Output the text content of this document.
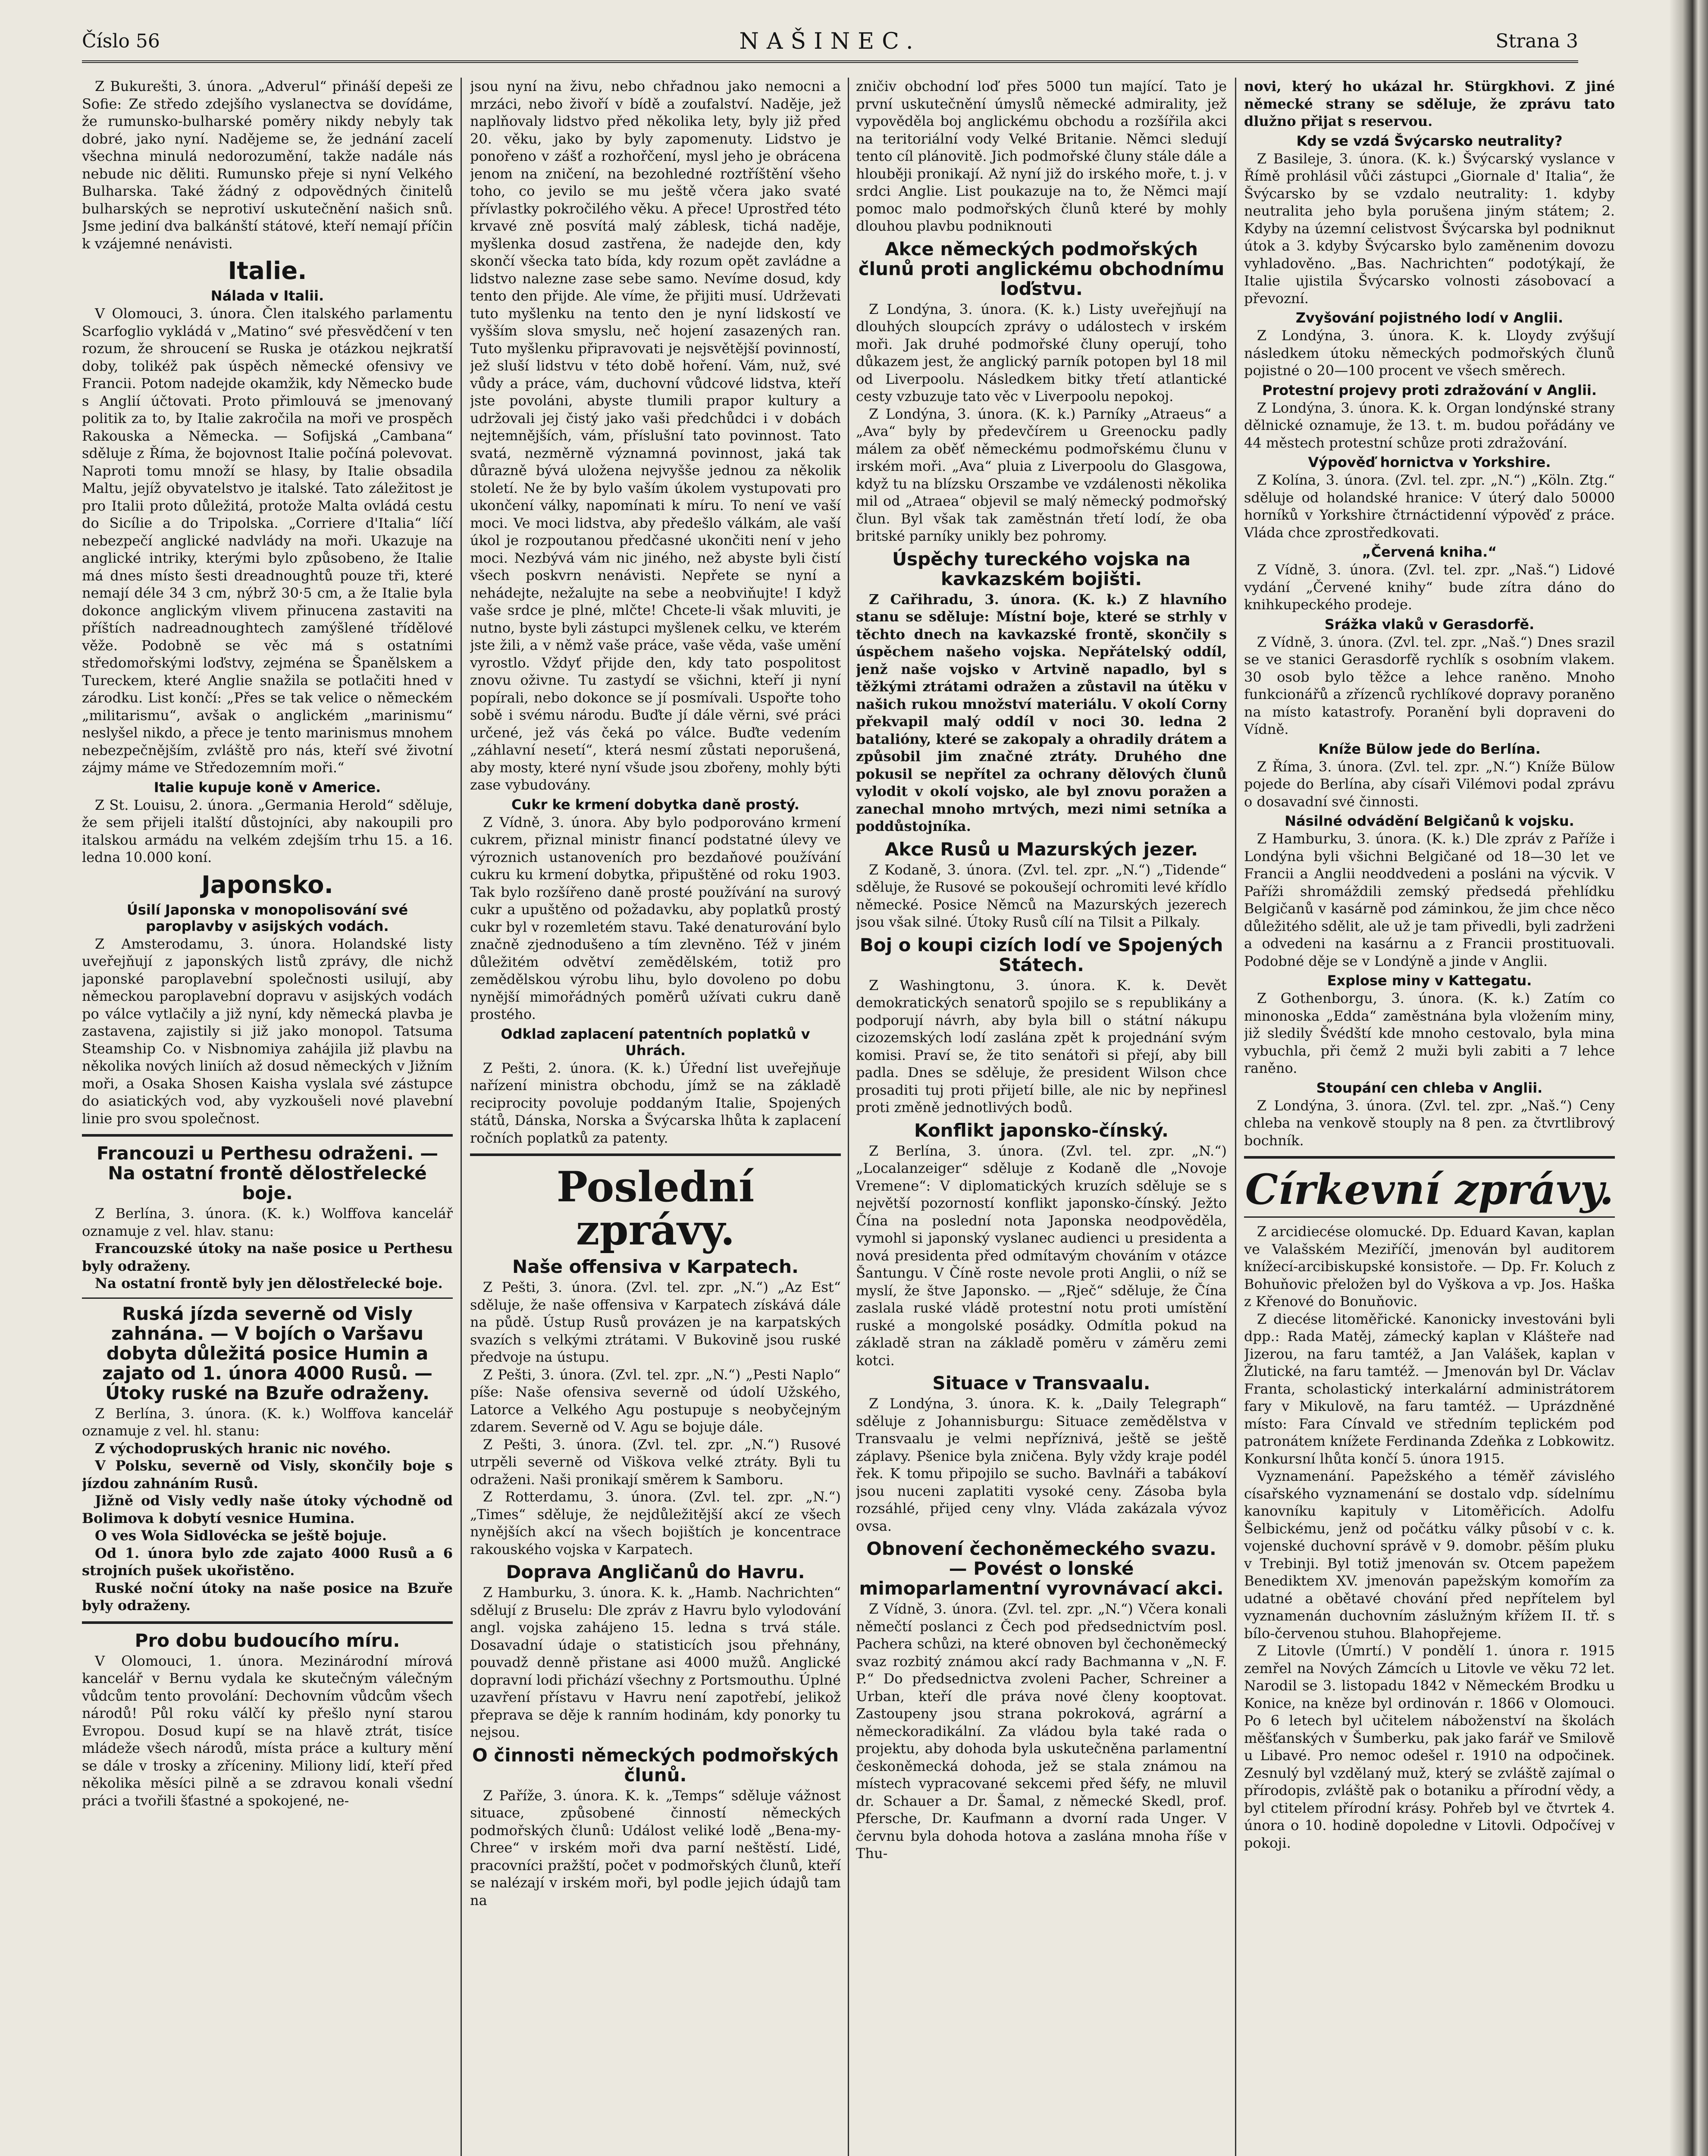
Číslo 56	NAŠINEC.	Strana 3

Z Bukurešti, 3. února. „Adverul“ přináší depeši ze Sofie: Ze středo zdejšího vyslanectva se dovídáme, že rumunsko-bulharské poměry nikdy nebyly tak dobré, jako nyní. Nadějeme se, že jednání zacelí všechna minulá nedorozumění, takže nadále nás nebude nic děliti. Rumunsko přeje si nyní Velkého Bulharska. Také žádný z odpovědných činitelů bulharských se neprotiví uskutečnění našich snů. Jsme jediní dva balkánští státové, kteří nemají příčin k vzájemné nenávisti.

Italie.
Nálada v Italii.

V Olomouci, 3. února. Člen italského parlamentu Scarfoglio vykládá v „Matino“ své přesvědčení v ten rozum, že shroucení se Ruska je otázkou nejkratší doby, tolikéž pak úspěch německé ofensivy ve Francii. Potom nadejde okamžik, kdy Německo bude s Anglií účtovati. Proto přimlouvá se jmenovaný politik za to, by Italie zakročila na moři ve prospěch Rakouska a Německa. — Sofijská „Cambana“ sděluje z Říma, že bojovnost Italie počíná polevovat. Naproti tomu množí se hlasy, by Italie obsadila Maltu, jejíž obyvatelstvo je italské. Tato záležitost je pro Italii proto důležitá, protože Malta ovládá cestu do Sicílie a do Tripolska. „Corriere d'Italia“ líčí nebezpečí anglické nadvlády na moři. Ukazuje na anglické intriky, kterými bylo způsobeno, že Italie má dnes místo šesti dreadnoughtů pouze tři, které nemají déle 34 3 cm, nýbrž 30·5 cm, a že Italie byla dokonce anglickým vlivem přinucena zastaviti na příštích nadreadnoughtech zamýšlené třídělové věže. Podobně se věc má s ostatními středomořskými loďstvy, zejména se Španělskem a Tureckem, které Anglie snažila se potlačiti hned v zárodku. List končí: „Přes se tak velice o německém „militarismu“, avšak o anglickém „marinismu“ neslyšel nikdo, a přece je tento marinismus mnohem nebezpečnějším, zvláště pro nás, kteří své životní zájmy máme ve Středozemním moři.“

Italie kupuje koně v Americe.

Z St. Louisu, 2. února. „Germania Herold“ sděluje, že sem přijeli italští důstojníci, aby nakoupili pro italskou armádu na velkém zdejším trhu 15. a 16. ledna 10.000 koní.

Japonsko.
Úsilí Japonska v monopolisování své paroplavby v asijských vodách.

Z Amsterodamu, 3. února. Holandské listy uveřejňují z japonských listů zprávy, dle nichž japonské paroplavební společnosti usilují, aby německou paroplavební dopravu v asijských vodách po válce vytlačily a již nyní, kdy německá plavba je zastavena, zajistily si již jako monopol. Tatsuma Steamship Co. v Nisbnomiya zahájila již plavbu na několika nových liniích až dosud německých v Jižním moři, a Osaka Shosen Kaisha vyslala své zástupce do asiatických vod, aby vyzkoušeli nové plavební linie pro svou společnost.

Francouzi u Perthesu odraženi. — Na ostatní frontě dělostřelecké boje.

Z Berlína, 3. února. (K. k.) Wolffova kancelář oznamuje z vel. hlav. stanu:

Francouzské útoky na naše posice u Perthesu byly odraženy.

Na ostatní frontě byly jen dělostřelecké boje.

Ruská jízda severně od Visly zahnána. — V bojích o Varšavu dobyta důležitá posice Humin a zajato od 1. února 4000 Rusů. — Útoky ruské na Bzuře odraženy.

Z Berlína, 3. února. (K. k.) Wolffova kancelář oznamuje z vel. hl. stanu:

Z východopruských hranic nic nového.

V Polsku, severně od Visly, skončily boje s jízdou zahnáním Rusů.

Jižně od Visly vedly naše útoky východně od Bolimova k dobytí vesnice Humina.

O ves Wola Sidlovécka se ještě bojuje.

Od 1. února bylo zde zajato 4000 Rusů a 6 strojních pušek ukořistěno.

Ruské noční útoky na naše posice na Bzuře byly odraženy.

Pro dobu budoucího míru.

V Olomouci, 1. února. Mezinárodní mírová kancelář v Bernu vydala ke skutečným válečným vůdcům tento provolání: Dechovním vůdcům všech národů! Půl roku válčí ky přešlo nyní starou Evropou. Dosud kupí se na hlavě ztrát, tisíce mládeže všech národů, místa práce a kultury mění se dále v trosky a zříceniny. Miliony lidí, kteří před několika měsíci pilně a se zdravou konali všední práci a tvořili šťastné a spokojené, ne-

jsou nyní na živu, nebo chřadnou jako nemocni a mrzáci, nebo živoří v bídě a zoufalství. Naděje, jež naplňovaly lidstvo před několika lety, byly již před 20. věku, jako by byly zapomenuty. Lidstvo je ponořeno v zášť a rozhořčení, mysl jeho je obrácena jenom na zničení, na bezohledné roztříštění všeho toho, co jevilo se mu ještě včera jako svaté přívlastky pokročilého věku. A přece! Uprostřed této krvavé zně posvítá malý záblesk, tichá naděje, myšlenka dosud zastřena, že nadejde den, kdy skončí všecka tato bída, kdy rozum opět zavládne a lidstvo nalezne zase sebe samo. Nevíme dosud, kdy tento den přijde. Ale víme, že přijiti musí. Udrževati tuto myšlenku na tento den je nyní lidskostí ve vyšším slova smyslu, neč hojení zasazených ran. Tuto myšlenku připravovati je nejsvětější povinností, jež sluší lidstvu v této době hoření. Vám, nuž, své vůdy a práce, vám, duchovní vůdcové lidstva, kteří jste povoláni, abyste tlumili prapor kultury a udržovali jej čistý jako vaši předchůdci i v dobách nejtemnějších, vám, příslušní tato povinnost. Tato svatá, nezměrně významná povinnost, jaká tak důrazně bývá uložena nejvyšše jednou za několik století. Ne že by bylo vaším úkolem vystupovati pro ukončení války, napomínati k míru. To není ve vaší moci. Ve moci lidstva, aby předešlo válkám, ale vaší úkol je rozpoutanou předčasné ukončiti není v jeho moci. Nezbývá vám nic jiného, než abyste byli čistí všech poskvrn nenávisti. Nepřete se nyní a nehádejte, nežalujte na sebe a neobviňujte! I když vaše srdce je plné, mlčte! Chcete-li však mluviti, je nutno, byste byli zástupci myšlenek celku, ve kterém jste žili, a v němž vaše práce, vaše věda, vaše umění vyrostlo. Vždyť přijde den, kdy tato pospolitost znovu oživne. Tu zastydí se všichni, kteří ji nyní popírali, nebo dokonce se jí posmívali. Uspořte toho sobě i svému národu. Buďte jí dále věrni, své práci určené, jež vás čeká po válce. Buďte vedením „záhlavní nesetí“, která nesmí zůstati neporušená, aby mosty, které nyní všude jsou zbořeny, mohly býti zase vybudovány.

Cukr ke krmení dobytka daně prostý.

Z Vídně, 3. února. Aby bylo podporováno krmení cukrem, přiznal ministr financí podstatné úlevy ve výroznich ustanoveních pro bezdaňové používání cukru ku krmení dobytka, připuštěné od roku 1903. Tak bylo rozšířeno daně prosté používání na surový cukr a upuštěno od požadavku, aby poplatků prostý cukr byl v rozemletém stavu. Také denaturování bylo značně zjednodušeno a tím zlevněno. Též v jiném důležitém odvětví zemědělském, totiž pro zemědělskou výrobu lihu, bylo dovoleno po dobu nynější mimořádných poměrů užívati cukru daně prostého.

Odklad zaplacení patentních poplatků v Uhrách.

Z Pešti, 2. února. (K. k.) Úřední list uveřejňuje nařízení ministra obchodu, jímž se na základě reciprocity povoluje poddaným Italie, Spojených států, Dánska, Norska a Švýcarska lhůta k zaplacení ročních poplatků za patenty.

Poslední zprávy.
Naše offensiva v Karpatech.

Z Pešti, 3. února. (Zvl. tel. zpr. „N.“) „Az Est“ sděluje, že naše offensiva v Karpatech získává dále na půdě. Ústup Rusů provázen je na karpatských svazích s velkými ztrátami. V Bukovině jsou ruské předvoje na ústupu.

Z Pešti, 3. února. (Zvl. tel. zpr. „N.“) „Pesti Naplo“ píše: Naše ofensiva severně od údolí Užského, Latorce a Velkého Agu postupuje s neobyčejným zdarem. Severně od V. Agu se bojuje dále.

Z Pešti, 3. února. (Zvl. tel. zpr. „N.“) Rusové utrpěli severně od Viškova velké ztráty. Byli tu odraženi. Naši pronikají směrem k Samboru.

Z Rotterdamu, 3. února. (Zvl. tel. zpr. „N.“) „Times“ sděluje, že nejdůležitější akcí ze všech nynějších akcí na všech bojištích je koncentrace rakouského vojska v Karpatech.

Doprava Angličanů do Havru.

Z Hamburku, 3. února. K. k. „Hamb. Nachrichten“ sdělují z Bruselu: Dle zpráv z Havru bylo vylodování angl. vojska zahájeno 15. ledna s trvá stále. Dosavadní údaje o statisticích jsou přehnány, pouvadž denně přistane asi 4000 mužů. Anglické dopravní lodi přichází všechny z Portsmouthu. Úplné uzavření přístavu v Havru není zapotřebí, jelikož přeprava se děje k ranním hodinám, kdy ponorky tu nejsou.

O činnosti německých podmořských člunů.

Z Paříže, 3. února. K. k. „Temps“ sděluje vážnost situace, způsobené činností německých podmořských člunů: Událost veliké lodě „Bena-my-Chree“ v irském moři dva parní neštěstí. Lidé, pracovníci pražští, počet v podmořských člunů, kteří se nalézají v irském moři, byl podle jejich údajů tam na

zničiv obchodní loď přes 5000 tun mající. Tato je první uskutečnění úmyslů německé admirality, jež vypověděla boj anglickému obchodu a rozšířila akci na teritoriální vody Velké Britanie. Němci sledují tento cíl plánovitě. Jich podmořské čluny stále dále a hlouběji pronikají. Až nyní již do irského moře, t. j. v srdci Anglie. List poukazuje na to, že Němci mají pomoc malo podmořských člunů které by mohly dlouhou plavbu podniknouti

Akce německých podmořských člunů proti anglickému obchodnímu loďstvu.

Z Londýna, 3. února. (K. k.) Listy uveřejňují na dlouhých sloupcích zprávy o událostech v irském moři. Jak druhé podmořské čluny operují, toho důkazem jest, že anglický parník potopen byl 18 mil od Liverpoolu. Následkem bitky třetí atlantické cesty vzbuzuje tato věc v Liverpoolu nepokoj.

Z Londýna, 3. února. (K. k.) Parníky „Atraeus“ a „Ava“ byly by předevčírem u Greenocku padly málem za oběť německému podmořskému člunu v irském moři. „Ava“ pluia z Liverpoolu do Glasgowa, když tu na blízsku Orszambe ve vzdálenosti několika mil od „Atraea“ objevil se malý německý podmořský člun. Byl však tak zaměstnán třetí lodí, že oba britské parníky unikly bez pohromy.

Úspěchy tureckého vojska na kavkazském bojišti.

Z Cařihradu, 3. února. (K. k.) Z hlavního stanu se sděluje: Místní boje, které se strhly v těchto dnech na kavkazské frontě, skončily s úspěchem našeho vojska. Nepřátelský oddíl, jenž naše vojsko v Artvině napadlo, byl s těžkými ztrátami odražen a zůstavil na útěku v našich rukou množství materiálu. V okolí Corny překvapil malý oddíl v noci 30. ledna 2 batalióny, které se zakopaly a ohradily drátem a způsobil jim značné ztráty. Druhého dne pokusil se nepřítel za ochrany dělových člunů vylodit v okolí vojsko, ale byl znovu poražen a zanechal mnoho mrtvých, mezi nimi setníka a poddůstojníka.

Akce Rusů u Mazurských jezer.

Z Kodaně, 3. února. (Zvl. tel. zpr. „N.“) „Tidende“ sděluje, že Rusové se pokoušejí ochromiti levé křídlo německé. Posice Němců na Mazurských jezerech jsou však silné. Útoky Rusů cílí na Tilsit a Pilkaly.

Boj o koupi cizích lodí ve Spojených Státech.

Z Washingtonu, 3. února. K. k. Devět demokratických senatorů spojilo se s republikány a podporují návrh, aby byla bill o státní nákupu cizozemských lodí zaslána zpět k projednání svým komisi. Praví se, že tito senátoři si přejí, aby bill padla. Dnes se sděluje, že president Wilson chce prosaditi tuj proti přijetí bille, ale nic by nepřinesl proti změně jednotlivých bodů.

Konflikt japonsko-čínský.

Z Berlína, 3. února. (Zvl. tel. zpr. „N.“) „Localanzeiger“ sděluje z Kodaně dle „Novoje Vremene“: V diplomatických kruzích sděluje se s největší pozorností konflikt japonsko-čínský. Ježto Čína na poslední nota Japonska neodpověděla, vymohl si japonský vyslanec audienci u presidenta a nová presidenta před odmítavým chováním v otázce Šantungu. V Číně roste nevole proti Anglii, o níž se myslí, že štve Japonsko. — „Rječ“ sděluje, že Čína zaslala ruské vládě protestní notu proti umístění ruské a mongolské posádky. Odmítla pokud na základě stran na základě poměru v záměru zemi kotci.

Situace v Transvaalu.

Z Londýna, 3. února. K. k. „Daily Telegraph“ sděluje z Johannisburgu: Situace zemědělstva v Transvaalu je velmi nepříznivá, ještě se ještě záplavy. Pšenice byla zničena. Byly vždy kraje podél řek. K tomu připojilo se sucho. Bavlnáři a tabákoví jsou nuceni zaplatiti vysoké ceny. Zásoba byla rozsáhlé, přijed ceny vlny. Vláda zakázala vývoz ovsa.

Obnovení čechoněmeckého svazu. — Povést o lonské mimoparlamentní vyrovnávací akci.

Z Vídně, 3. února. (Zvl. tel. zpr. „N.“) Včera konali němečtí poslanci z Čech pod předsednictvím posl. Pachera schůzi, na které obnoven byl čechoněmecký svaz rozbitý známou akcí rady Bachmanna v „N. F. P.“ Do předsednictva zvoleni Pacher, Schreiner a Urban, kteří dle práva nové členy kooptovat. Zastoupeny jsou strana pokroková, agrární a německoradikální. Za vládou byla také rada o projektu, aby dohoda byla uskutečněna parlamentní českoněmecká dohoda, jež se stala známou na místech vypracované sekcemi před šéfy, ne mluvil dr. Schauer a Dr. Šamal, z německé Skedl, prof. Pfersche, Dr. Kaufmann a dvorní rada Unger. V červnu byla dohoda hotova a zaslána mnoha říše v Thu-

novi, který ho ukázal hr. Stürgkhovi. Z jiné německé strany se sděluje, že zprávu tato dlužno přijat s reservou.

Kdy se vzdá Švýcarsko neutrality?

Z Basileje, 3. února. (K. k.) Švýcarský vyslance v Římě prohlásil vůči zástupci „Giornale d' Italia“, že Švýcarsko by se vzdalo neutrality: 1. kdyby neutralita jeho byla porušena jiným státem; 2. Kdyby na územní celistvost Švýcarska byl podniknut útok a 3. kdyby Švýcarsko bylo zaměnenim dovozu vyhladověno. „Bas. Nachrichten“ podotýkají, že Italie ujistila Švýcarsko volnosti zásobovací a převozní.

Zvyšování pojistného lodí v Anglii.

Z Londýna, 3. února. K. k. Lloydy zvýšují následkem útoku německých podmořských člunů pojistné o 20—100 procent ve všech směrech.

Protestní projevy proti zdražování v Anglii.

Z Londýna, 3. února. K. k. Organ londýnské strany dělnické oznamuje, že 13. t. m. budou pořádány ve 44 městech protestní schůze proti zdražování.

Výpověď hornictva v Yorkshire.

Z Kolína, 3. února. (Zvl. tel. zpr. „N.“) „Köln. Ztg.“ sděluje od holandské hranice: V úterý dalo 50000 horníků v Yorkshire čtrnáctidenní výpověď z práce. Vláda chce zprostředkovati.

„Červená kniha.“

Z Vídně, 3. února. (Zvl. tel. zpr. „Naš.“) Lidové vydání „Červené knihy“ bude zítra dáno do knihkupeckého prodeje.

Srážka vlaků v Gerasdorfě.

Z Vídně, 3. února. (Zvl. tel. zpr. „Naš.“) Dnes srazil se ve stanici Gerasdorfě rychlík s osobním vlakem. 30 osob bylo těžce a lehce raněno. Mnoho funkcionářů a zřízenců rychlíkové dopravy poraněno na místo katastrofy. Poranění byli dopraveni do Vídně.

Kníže Bülow jede do Berlína.

Z Říma, 3. února. (Zvl. tel. zpr. „N.“) Kníže Bülow pojede do Berlína, aby císaři Vilémovi podal zprávu o dosavadní své činnosti.

Násilné odvádění Belgičanů k vojsku.

Z Hamburku, 3. února. (K. k.) Dle zpráv z Paříže i Londýna byli všichni Belgičané od 18—30 let ve Francii a Anglii neoddvedeni a posláni na výcvik. V Paříži shromáždili zemský předsedá přehlídku Belgičanů v kasárně pod záminkou, že jim chce něco důležitého sdělit, ale už je tam přivedli, byli zadrženi a odvedeni na kasárnu a z Francii prostituovali. Podobné děje se v Londýně a jinde v Anglii.

Explose miny v Kattegatu.

Z Gothenborgu, 3. února. (K. k.) Zatím co minonoska „Edda“ zaměstnána byla vložením miny, již sledily Švédští kde mnoho cestovalo, byla mina vybuchla, při čemž 2 muži byli zabiti a 7 lehce raněno.

Stoupání cen chleba v Anglii.

Z Londýna, 3. února. (Zvl. tel. zpr. „Naš.“) Ceny chleba na venkově stouply na 8 pen. za čtvrtlibrový bochník.

Církevní zprávy.

Z arcidiecése olomucké. Dp. Eduard Kavan, kaplan ve Valašském Meziříčí, jmenován byl auditorem knížecí-arcibiskupské konsistoře. — Dp. Fr. Koluch z Bohuňovic přeložen byl do Vyškova a vp. Jos. Haška z Křenové do Bonuňovic.

Z diecése litoměřické. Kanonicky investováni byli dpp.: Rada Matěj, zámecký kaplan v Klášteře nad Jizerou, na faru tamtéž, a Jan Valášek, kaplan v Žlutické, na faru tamtéž. — Jmenován byl Dr. Václav Franta, scholastický interkalární administrátorem fary v Mikulově, na faru tamtéž. — Uprázdněné místo: Fara Cínvald ve středním teplickém pod patronátem knížete Ferdinanda Zdeňka z Lobkowitz. Konkursní lhůta končí 5. února 1915.

Vyznamenání. Papežského a téměř závislého císařského vyznamenání se dostalo vdp. sídelnímu kanovníku kapituly v Litoměřicích. Adolfu Šelbickému, jenž od počátku války působí v c. k. vojenské duchovní správě v 9. domobr. pěším pluku v Trebinji. Byl totiž jmenován sv. Otcem papežem Benediktem XV. jmenován papežským komořím za udatné a obětavé chování před nepřítelem byl vyznamenán duchovním záslužným křížem II. tř. s bílo-červenou stuhou. Blahopřejeme.

Z Litovle (Úmrtí.) V pondělí 1. února r. 1915 zemřel na Nových Zámcích u Litovle ve věku 72 let. Narodil se 3. listopadu 1842 v Německém Brodku u Konice, na kněze byl ordinován r. 1866 v Olomouci. Po 6 letech byl učitelem náboženství na školách měšťanských v Šumberku, pak jako farář ve Smilově u Libavé. Pro nemoc odešel r. 1910 na odpočinek. Zesnulý byl vzdělaný muž, který se zvláště zajímal o přírodopis, zvláště pak o botaniku a přírodní vědy, a byl ctitelem přírodní krásy. Pohřeb byl ve čtvrtek 4. února o 10. hodině dopoledne v Litovli. Odpočívej v pokoji.
